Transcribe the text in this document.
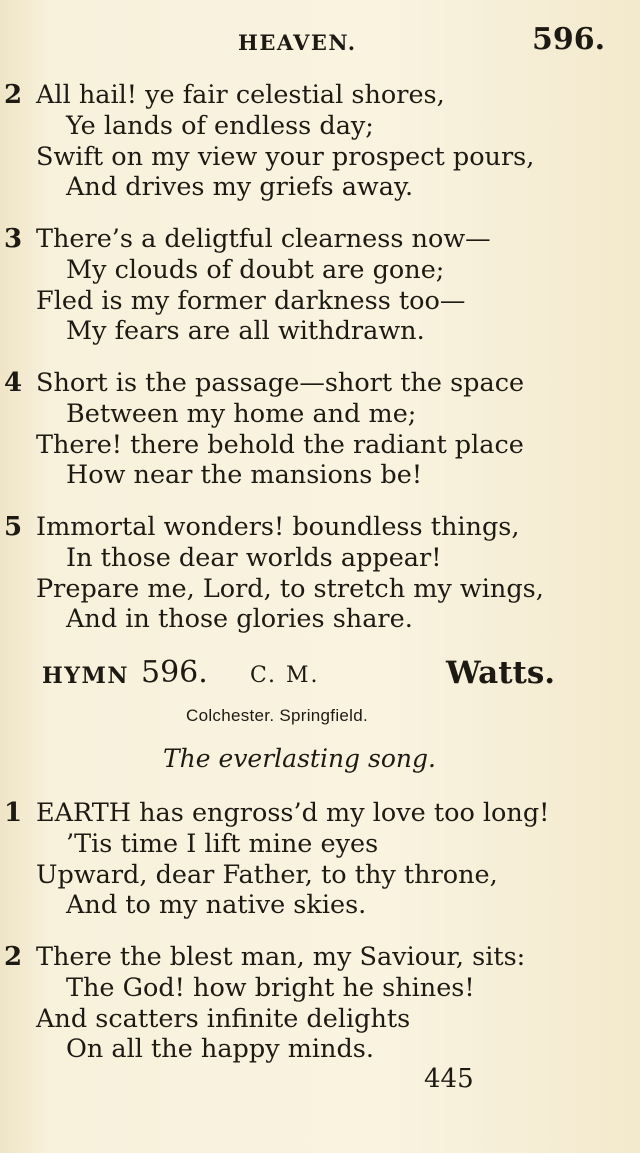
HEAVEN.	596.
2 All hail! ye fair celestial shores,
Ye lands of endless day;
Swift on my view your prospect pours,
And drives my griefs away.
3 There’s a deligtful clearness now—
My clouds of doubt are gone;
Fled is my former darkness too—
My fears are all withdrawn.
4 Short is the passage—short the space
Between my home and me;
There! there behold the radiant place
How near the mansions be!
5 Immortal wonders! boundless things,
In those dear worlds appear!
Prepare me, Lord, to stretch my wings,
And in those glories share.
HYMN 596. C. M.	Watts.
Colchester. Springfield.
The everlasting song.
1 EARTH has engross’d my love too long!
’Tis time I lift mine eyes
Upward, dear Father, to thy throne,
And to my native skies.
2 There the blest man, my Saviour, sits:
The God! how bright he shines!
And scatters infinite delights
On all the happy minds.
445
